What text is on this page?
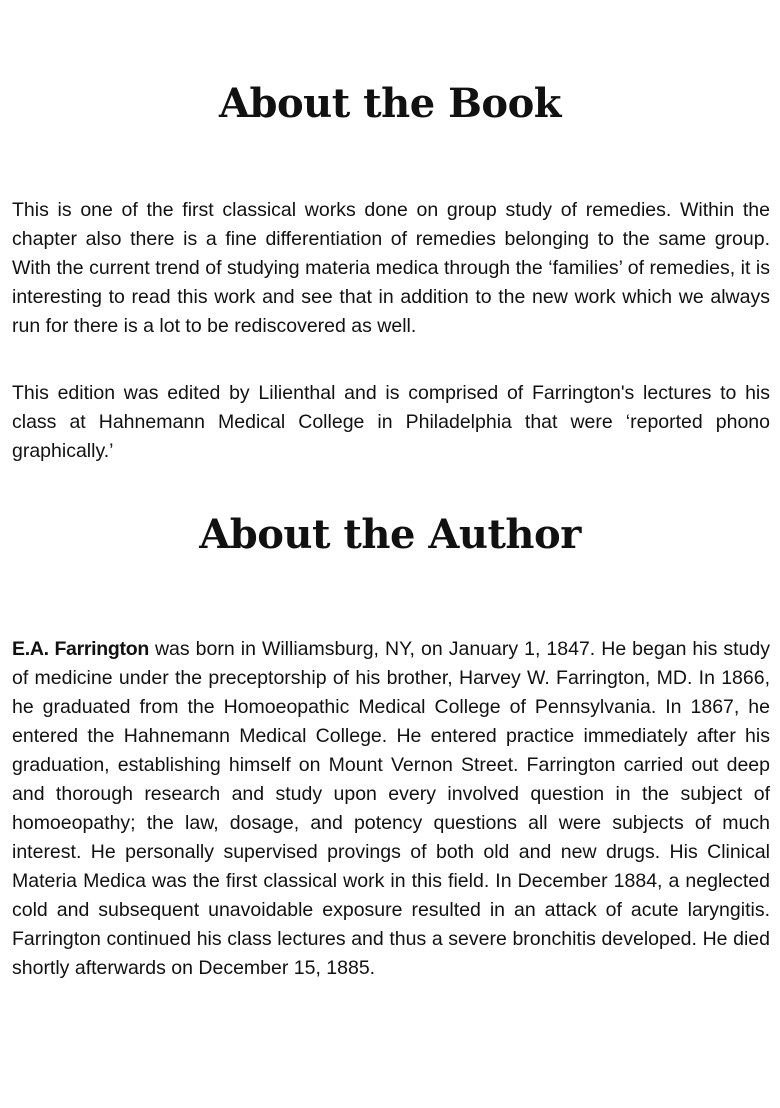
About the Book

This is one of the first classical works done on group study of remedies. Within the chapter also there is a fine differentiation of remedies belonging to the same group. With the current trend of studying materia medica through the ‘families’ of remedies, it is interesting to read this work and see that in addition to the new work which we always run for there is a lot to be rediscovered as well.

This edition was edited by Lilienthal and is comprised of Farrington's lectures to his class at Hahnemann Medical College in Philadelphia that were ‘reported phono graphically.’

About the Author

E.A. Farrington was born in Williamsburg, NY, on January 1, 1847. He began his study of medicine under the preceptorship of his brother, Harvey W. Farrington, MD. In 1866, he graduated from the Homoeopathic Medical College of Pennsylvania. In 1867, he entered the Hahnemann Medical College. He entered practice immediately after his graduation, establishing himself on Mount Vernon Street. Farrington carried out deep and thorough research and study upon every involved question in the subject of homoeopathy; the law, dosage, and potency questions all were subjects of much interest. He personally supervised provings of both old and new drugs. His Clinical Materia Medica was the first classical work in this field. In December 1884, a neglected cold and subsequent unavoidable exposure resulted in an attack of acute laryngitis. Farrington continued his class lectures and thus a severe bronchitis developed. He died shortly afterwards on December 15, 1885.
